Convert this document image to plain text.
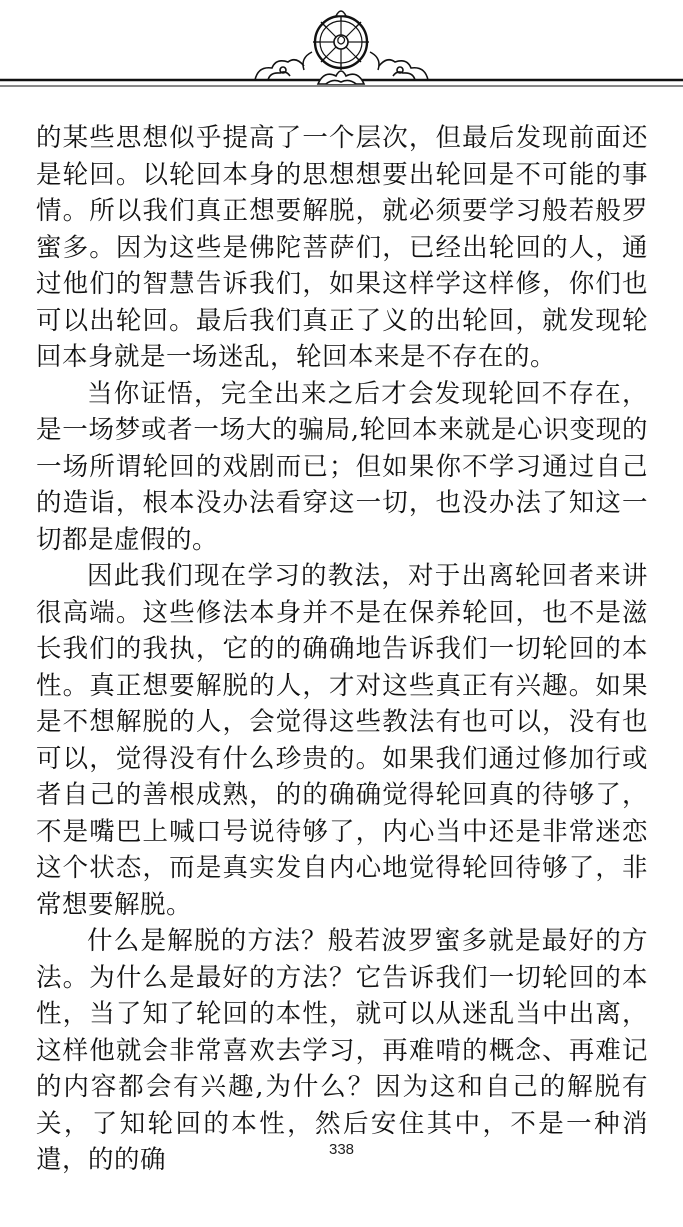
的某些思想似乎提高了一个层次，但最后发现前面还是轮回。以轮回本身的思想想要出轮回是不可能的事情。所以我们真正想要解脱，就必须要学习般若般罗蜜多。因为这些是佛陀菩萨们，已经出轮回的人，通过他们的智慧告诉我们，如果这样学这样修，你们也可以出轮回。最后我们真正了义的出轮回，就发现轮回本身就是一场迷乱，轮回本来是不存在的。

当你证悟，完全出来之后才会发现轮回不存在，是一场梦或者一场大的骗局,轮回本来就是心识变现的一场所谓轮回的戏剧而已；但如果你不学习通过自己的造诣，根本没办法看穿这一切，也没办法了知这一切都是虚假的。

因此我们现在学习的教法，对于出离轮回者来讲很高端。这些修法本身并不是在保养轮回，也不是滋长我们的我执，它的的确确地告诉我们一切轮回的本性。真正想要解脱的人，才对这些真正有兴趣。如果是不想解脱的人，会觉得这些教法有也可以，没有也可以，觉得没有什么珍贵的。如果我们通过修加行或者自己的善根成熟，的的确确觉得轮回真的待够了，不是嘴巴上喊口号说待够了，内心当中还是非常迷恋这个状态，而是真实发自内心地觉得轮回待够了，非常想要解脱。

什么是解脱的方法？般若波罗蜜多就是最好的方法。为什么是最好的方法？它告诉我们一切轮回的本性，当了知了轮回的本性，就可以从迷乱当中出离，这样他就会非常喜欢去学习，再难啃的概念、再难记的内容都会有兴趣,为什么？因为这和自己的解脱有关，了知轮回的本性，然后安住其中，不是一种消遣，的的确	338
